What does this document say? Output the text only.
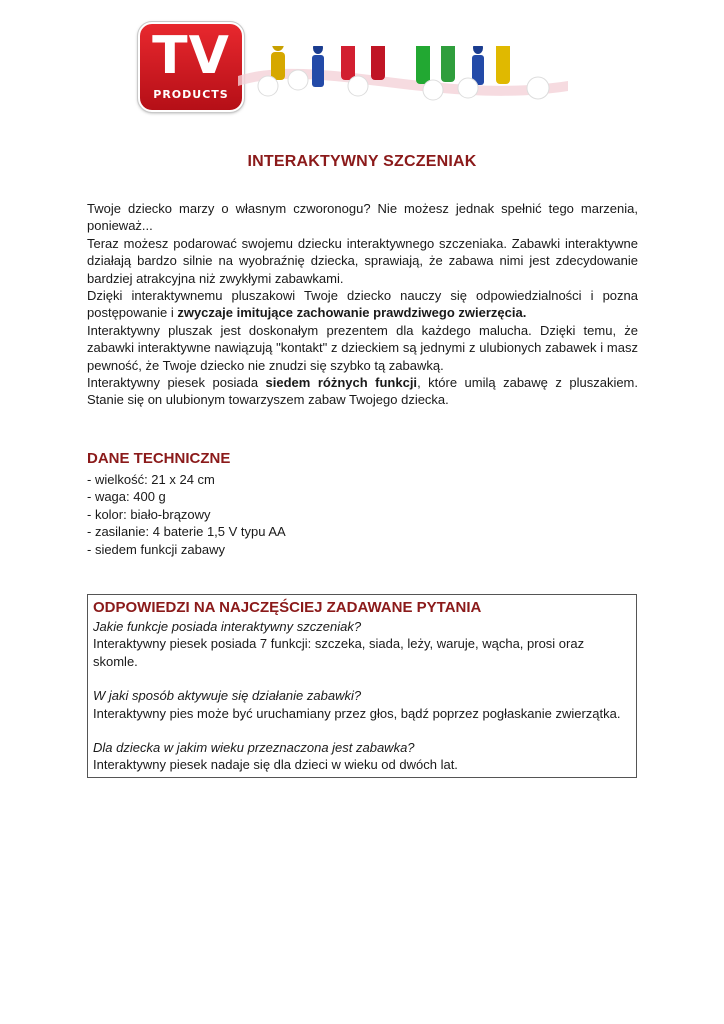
TV
PRODUCTS
INTERAKTYWNY SZCZENIAK

Twoje dziecko marzy o własnym czworonogu? Nie możesz jednak spełnić tego marzenia, ponieważ...

Teraz możesz podarować swojemu dziecku interaktywnego szczeniaka. Zabawki interaktywne działają bardzo silnie na wyobraźnię dziecka, sprawiają, że zabawa nimi jest zdecydowanie bardziej atrakcyjna niż zwykłymi zabawkami.

Dzięki interaktywnemu pluszakowi Twoje dziecko nauczy się odpowiedzialności i pozna postępowanie i zwyczaje imitujące zachowanie prawdziwego zwierzęcia.

Interaktywny pluszak jest doskonałym prezentem dla każdego malucha. Dzięki temu, że zabawki interaktywne nawiązują "kontakt" z dzieckiem są jednymi z ulubionych zabawek i masz pewność, że Twoje dziecko nie znudzi się szybko tą zabawką.

Interaktywny piesek posiada siedem różnych funkcji, które umilą zabawę z pluszakiem. Stanie się on ulubionym towarzyszem zabaw Twojego dziecka.

DANE TECHNICZNE
- wielkość: 21 x 24 cm
- waga: 400 g
- kolor: biało-brązowy
- zasilanie: 4 baterie 1,5 V typu AA
- siedem funkcji zabawy
ODPOWIEDZI NA NAJCZĘŚCIEJ ZADAWANE PYTANIA
Jakie funkcje posiada interaktywny szczeniak?
Interaktywny piesek posiada 7 funkcji: szczeka, siada, leży, waruje, wącha, prosi oraz skomle.
W jaki sposób aktywuje się działanie zabawki?
Interaktywny pies może być uruchamiany przez głos, bądź poprzez pogłaskanie zwierzątka.
Dla dziecka w jakim wieku przeznaczona jest zabawka?
Interaktywny piesek nadaje się dla dzieci w wieku od dwóch lat.
